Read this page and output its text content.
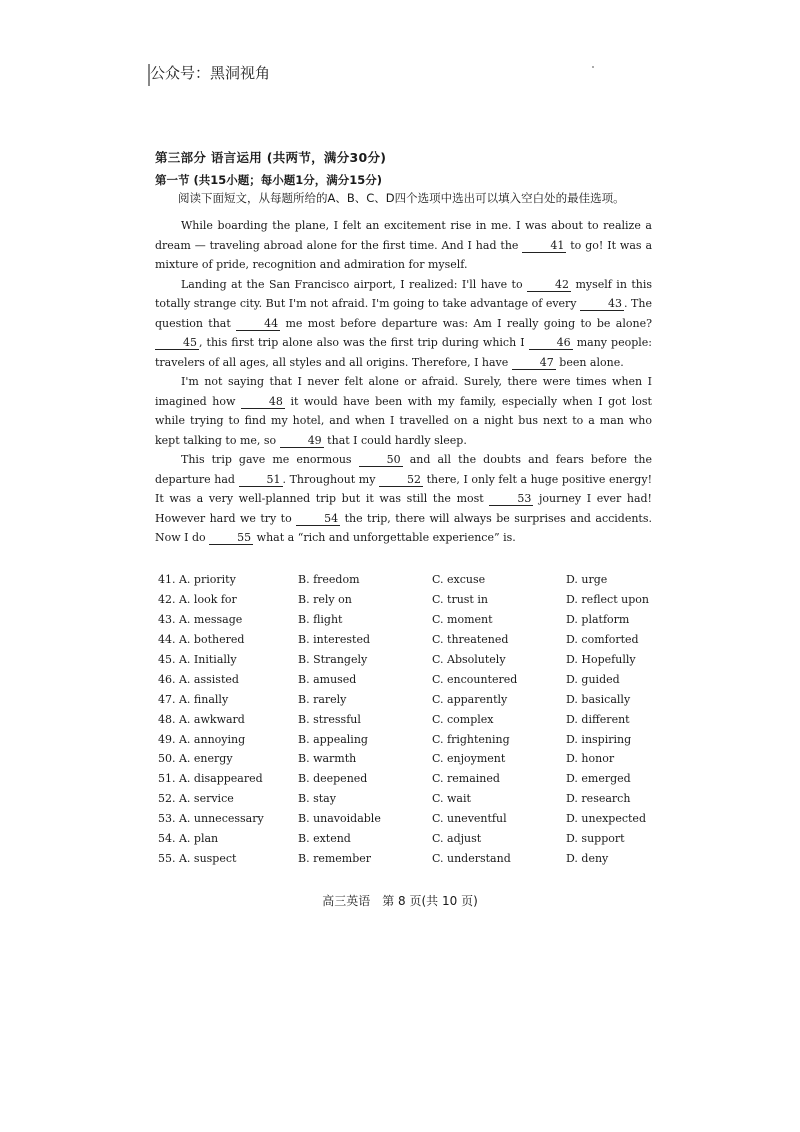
公众号：黑洞视角
第三部分 语言运用 (共两节，满分30分)
第一节 (共15小题；每小题1分，满分15分)
阅读下面短文，从每题所给的A、B、C、D四个选项中选出可以填入空白处的最佳选项。

While boarding the plane, I felt an excitement rise in me. I was about to realize a dream — traveling abroad alone for the first time. And I had the	41 to go! It was a mixture of pride, recognition and admiration for myself.

Landing at the San Francisco airport, I realized: I'll have to	42 myself in this totally strange city. But I'm not afraid. I'm going to take advantage of every	43 . The question that	44 me most before departure was: Am I really going to be alone? 45 , this first trip alone also was the first trip during which I	46 many people: travelers of all ages, all styles and all origins. Therefore, I have	47 been alone.

I'm not saying that I never felt alone or afraid. Surely, there were times when I imagined how	48 it would have been with my family, especially when I got lost while trying to find my hotel, and when I travelled on a night bus next to a man who kept talking to me, so	49 that I could hardly sleep.

This trip gave me enormous	50 and all the doubts and fears before the departure had	51 . Throughout my	52 there, I only felt a huge positive energy! It was a very well-planned trip but it was still the most	53 journey I ever had! However hard we try to	54 the trip, there will always be surprises and accidents. Now I do	55 what a “rich and unforgettable experience” is.

41. A. priority	B. freedom	C. excuse	D. urge
42. A. look for	B. rely on	C. trust in	D. reflect upon
43. A. message	B. flight	C. moment	D. platform
44. A. bothered	B. interested	C. threatened	D. comforted
45. A. Initially	B. Strangely	C. Absolutely	D. Hopefully
46. A. assisted	B. amused	C. encountered	D. guided
47. A. finally	B. rarely	C. apparently	D. basically
48. A. awkward	B. stressful	C. complex	D. different
49. A. annoying	B. appealing	C. frightening	D. inspiring
50. A. energy	B. warmth	C. enjoyment	D. honor
51. A. disappeared	B. deepened	C. remained	D. emerged
52. A. service	B. stay	C. wait	D. research
53. A. unnecessary	B. unavoidable	C. uneventful	D. unexpected
54. A. plan	B. extend	C. adjust	D. support
55. A. suspect	B. remember	C. understand	D. deny
高三英语　第 8 页(共 10 页)
